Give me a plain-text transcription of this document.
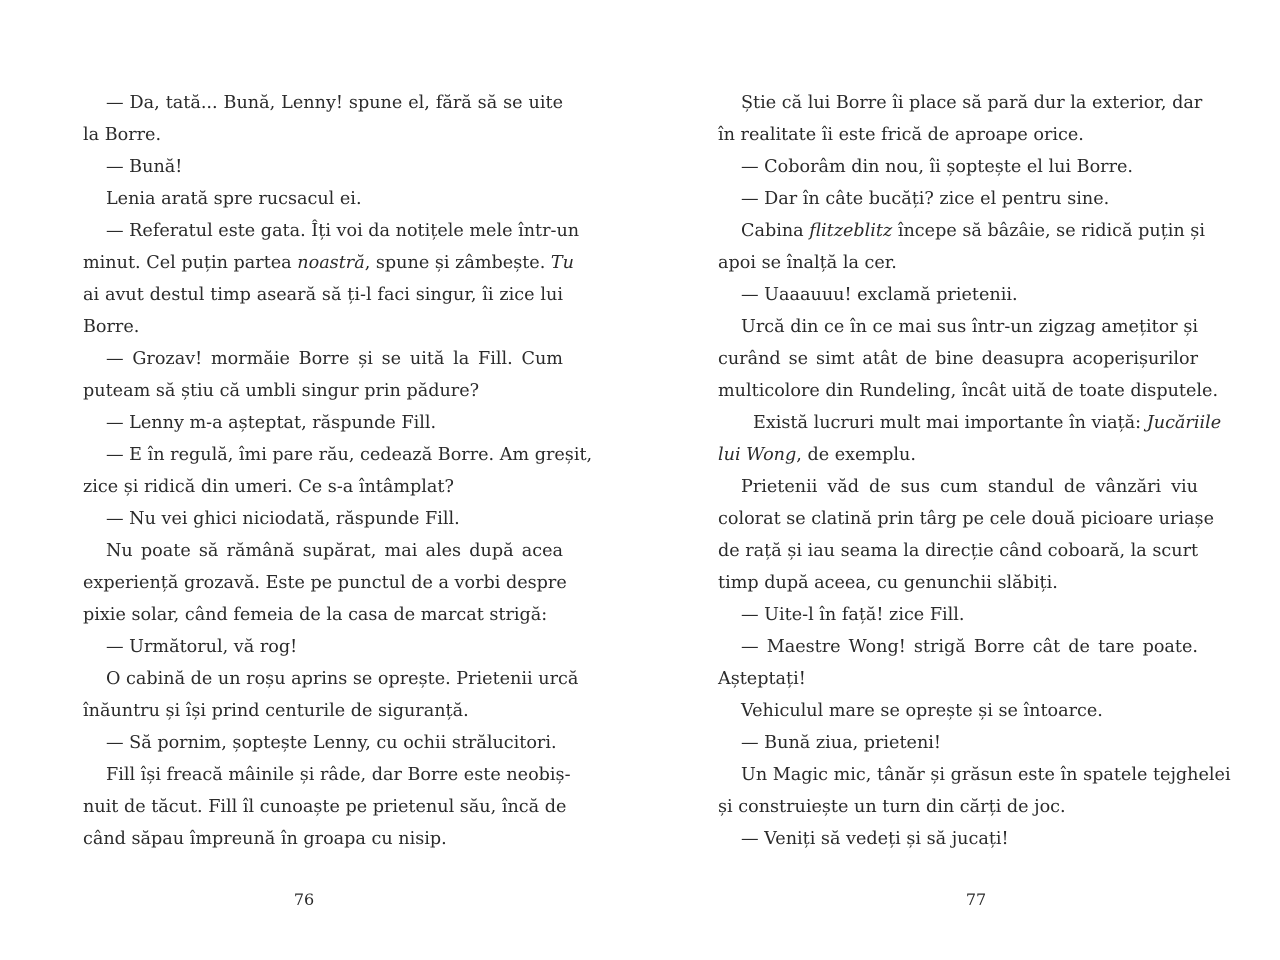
— Da, tată... Bună, Lenny! spune el, fără să se uite
la Borre.
— Bună!
Lenia arată spre rucsacul ei.
— Referatul este gata. Îți voi da notițele mele într-un
minut. Cel puțin partea noastră, spune și zâmbește. Tu
ai avut destul timp aseară să ți-l faci singur, îi zice lui
Borre.
— Grozav! mormăie Borre și se uită la Fill. Cum
puteam să știu că umbli singur prin pădure?
— Lenny m-a așteptat, răspunde Fill.
— E în regulă, îmi pare rău, cedează Borre. Am greșit,
zice și ridică din umeri. Ce s-a întâmplat?
— Nu vei ghici niciodată, răspunde Fill.
Nu poate să rămână supărat, mai ales după acea
experiență grozavă. Este pe punctul de a vorbi despre
pixie solar, când femeia de la casa de marcat strigă:
— Următorul, vă rog!
O cabină de un roșu aprins se oprește. Prietenii urcă
înăuntru și își prind centurile de siguranță.
— Să pornim, șoptește Lenny, cu ochii strălucitori.
Fill își freacă mâinile și râde, dar Borre este neobiș-
nuit de tăcut. Fill îl cunoaște pe prietenul său, încă de
când săpau împreună în groapa cu nisip.
Știe că lui Borre îi place să pară dur la exterior, dar
în realitate îi este frică de aproape orice.
— Coborâm din nou, îi șoptește el lui Borre.
— Dar în câte bucăți? zice el pentru sine.
Cabina flitzeblitz începe să bâzâie, se ridică puțin și
apoi se înalță la cer.
— Uaaauuu! exclamă prietenii.
Urcă din ce în ce mai sus într-un zigzag amețitor și
curând se simt atât de bine deasupra acoperișurilor
multicolore din Rundeling, încât uită de toate disputele.
Există lucruri mult mai importante în viață: Jucăriile
lui Wong, de exemplu.
Prietenii văd de sus cum standul de vânzări viu
colorat se clatină prin târg pe cele două picioare uriașe
de rață și iau seama la direcție când coboară, la scurt
timp după aceea, cu genunchii slăbiți.
— Uite-l în față! zice Fill.
— Maestre Wong! strigă Borre cât de tare poate.
Așteptați!
Vehiculul mare se oprește și se întoarce.
— Bună ziua, prieteni!
Un Magic mic, tânăr și grăsun este în spatele tejghelei
și construiește un turn din cărți de joc.
— Veniți să vedeți și să jucați!
76	77
